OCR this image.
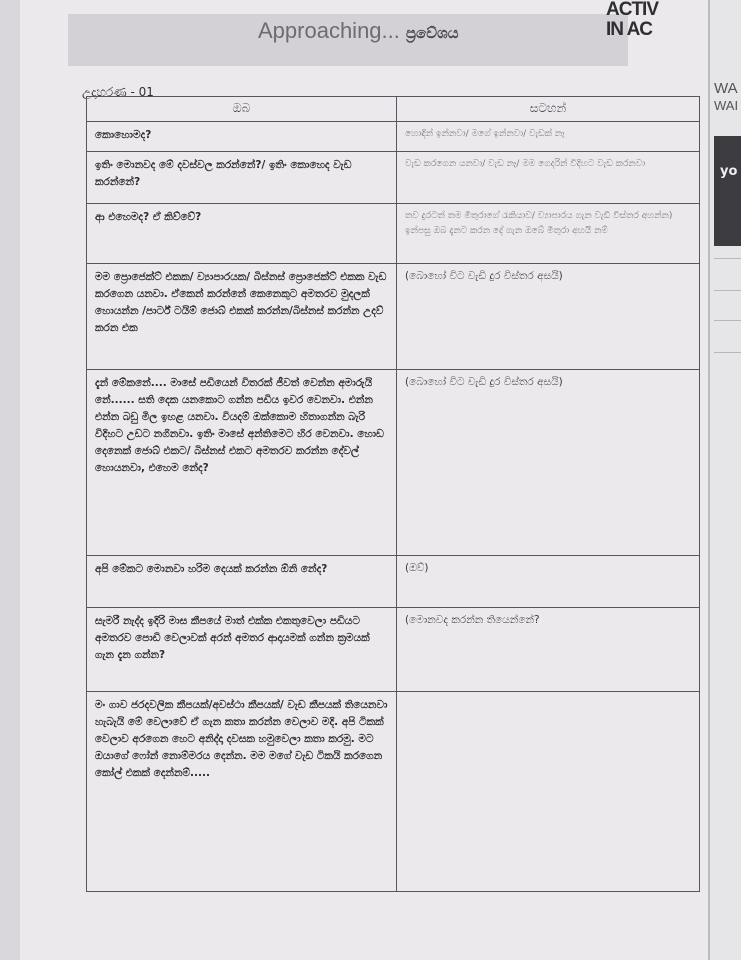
Approaching... ප්‍රවේශය
ACTIV
IN AC
උදාහරණ - 01	WA
WAI
yo
ඔබ	සටහන්
කොහොමද?	හොඳින් ඉන්නවා/ මගේ ඉන්නවා/ වැඩක් නෑ
ඉතිං මොනවද මේ දවස්වල කරන්නේ?/ ඉතිං කොහෙද වැඩ කරන්නේ?	වැඩ කරගෙන යනවා/ වැඩ නෑ/ මම ගෙදරින් විදිහට වැඩ කරනවා
ආ එහෙමද? ඒ කිව්වේ?	තව දුරටත් තම මිතුරාගේ රැකියාව/ ව්‍යාපාරය ගැන වැඩි විස්තර අහන්න) ඉන්පසු ඔබ දැනට කරන දේ ගැන ඔබේ මිතුරා අහයි නම්
මම ප්‍රොජෙක්ට් එකක/ ව්‍යාපාරයක/ බිස්නස් ප්‍රොජෙක්ට් එකක වැඩ කරගෙන යනවා. ඒකෙන් කරන්නේ කෙනෙකුට අමතරව මුදලක් හොයන්න /පාර්ට් ටයිම් ජොබ් එකක් කරන්න/බිස්නස් කරන්න උදව් කරන එක	(බොහෝ විට වැඩි දුර විස්තර අසයි)
දැන් මේකනේ.... මාසේ පඩියෙන් විතරක් ජීවත් වෙන්න අමාරුයි නේ...... සති දෙක යනකොට ගන්න පඩිය ඉවර වෙනවා. එන්න එන්න බඩු මිල ඉහළ යනවා. වියදම් ඔක්කොම හිතාගන්න බැරි විදිහට උඩට නගිනවා. ඉතිං මාසේ අන්තිමෙට හිර වෙනවා. හොඩ දෙනෙක් ජොබ් එකට/ බිස්නස් එකට අමතරව කරන්න දේවල් හොයනවා, එහෙම නේද?	(බොහෝ විට වැඩි දුර විස්තර අසයි)
අපි මේකට මොනවා හරිම දෙයක් කරන්න ඕනි නේද?	(ඔව්)
සැමරී නැද්ද ඉදිරි මාස කීපයේ මාත් එක්ක එකතුවෙලා පඩියට අමතරව පොඩි වෙලාවක් අරන් අමතර ආදායමක් ගන්න ක්‍රමයක් ගැන දැන ගන්න?	(මොනවද කරන්න තියෙන්නේ?
මං ගාව ජරදවලික කීපයක්/අවස්ථා කීපයක්/ වැඩ කීපයක් තියෙනවා හැබැයි මේ වෙලාවේ ඒ ගැන කතා කරන්න වෙලාව මදි. අපි ටිකක් වෙලාව අරගෙන හෙට අනිද්දා දවසක හමුවෙලා කතා කරමු. මට ඔයාගේ ෆෝන් නොම්මරය දෙන්න. මම මගේ වැඩ ටිකයි කරගෙන කෝල් එකක් දෙන්නම්.....	
